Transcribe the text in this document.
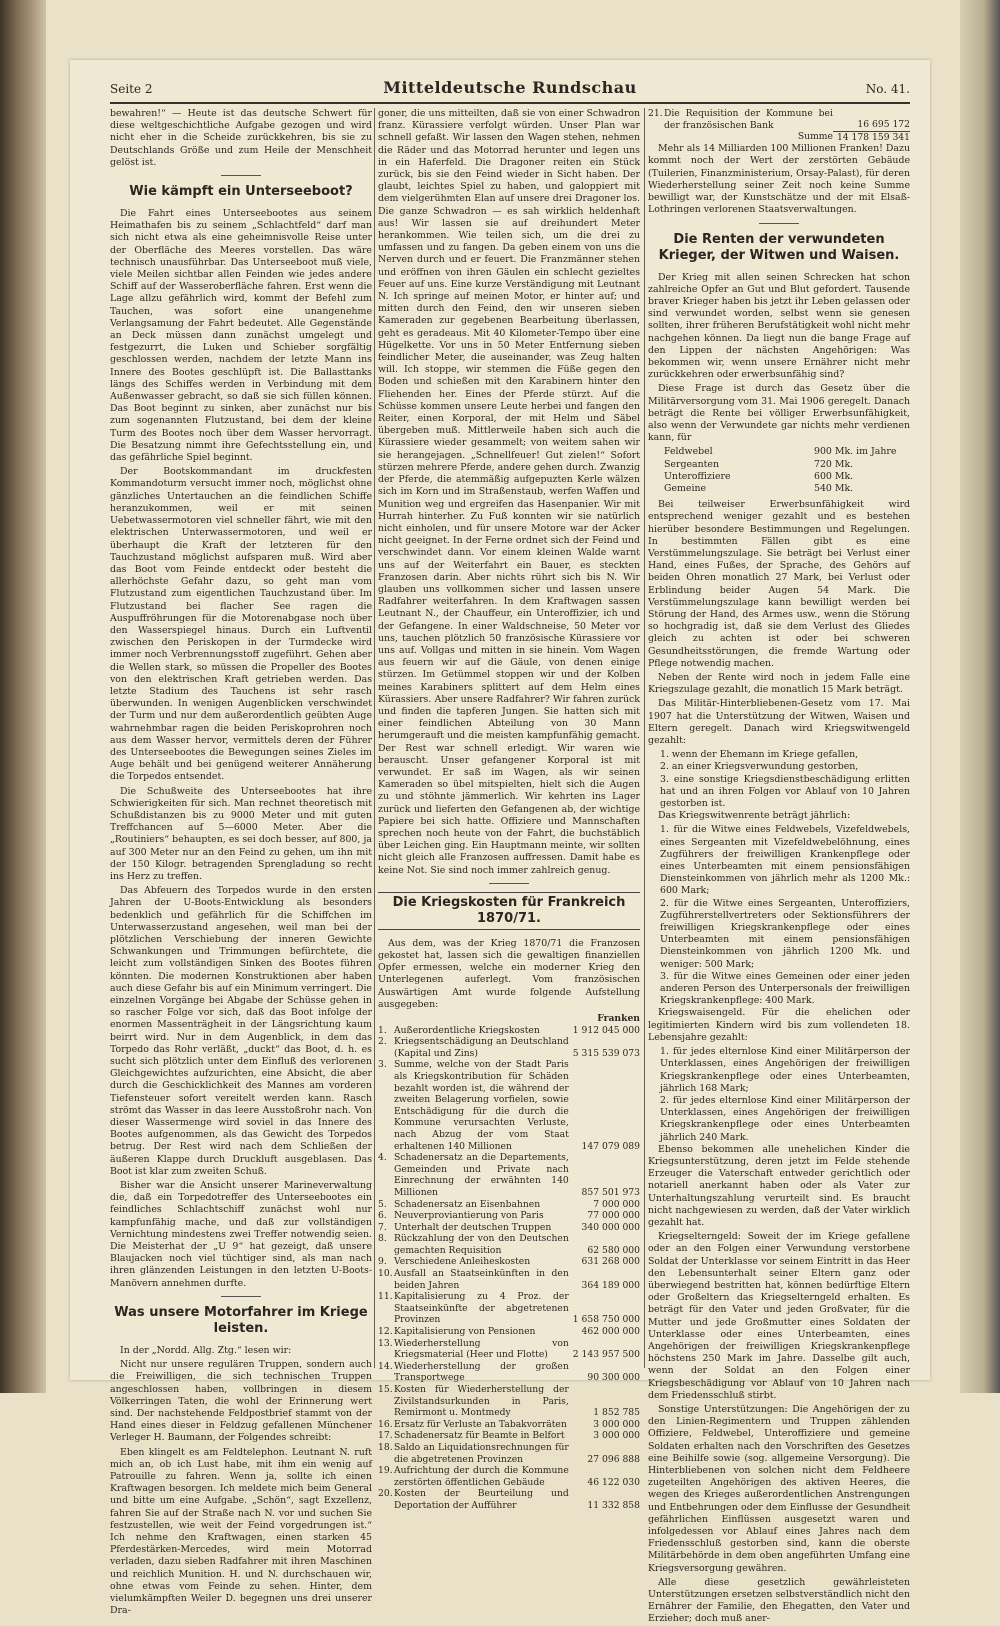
Seite 2	Mitteldeutsche Rundschau	No. 41.

bewahren!“ — Heute ist das deutsche Schwert für diese weltgeschichtliche Aufgabe gezogen und wird nicht eher in die Scheide zurückkehren, bis sie zu Deutschlands Größe und zum Heile der Menschheit gelöst ist.

Wie kämpft ein Unterseeboot?

Die Fahrt eines Unterseebootes aus seinem Heimathafen bis zu seinem „Schlachtfeld“ darf man sich nicht etwa als eine geheimnisvolle Reise unter der Oberfläche des Meeres vorstellen. Das wäre technisch unausführbar. Das Unterseeboot muß viele, viele Meilen sichtbar allen Feinden wie jedes andere Schiff auf der Wasseroberfläche fahren. Erst wenn die Lage allzu gefährlich wird, kommt der Befehl zum Tauchen, was sofort eine unangenehme Verlangsamung der Fahrt bedeutet. Alle Gegenstände an Deck müssen dann zunächst umgelegt und festgezurrt, die Luken und Schieber sorgfältig geschlossen werden, nachdem der letzte Mann ins Innere des Bootes geschlüpft ist. Die Ballasttanks längs des Schiffes werden in Verbindung mit dem Außenwasser gebracht, so daß sie sich füllen können. Das Boot beginnt zu sinken, aber zunächst nur bis zum sogenannten Flutzustand, bei dem der kleine Turm des Bootes noch über dem Wasser hervorragt. Die Besatzung nimmt ihre Gefechtsstellung ein, und das gefährliche Spiel beginnt.

Der Bootskommandant im druckfesten Kommandoturm versucht immer noch, möglichst ohne gänzliches Untertauchen an die feindlichen Schiffe heranzukommen, weil er mit seinen Uebetwassermotoren viel schneller fährt, wie mit den elektrischen Unterwassermotoren, und weil er überhaupt die Kraft der letzteren für den Tauchzustand möglichst aufsparen muß. Wird aber das Boot vom Feinde entdeckt oder besteht die allerhöchste Gefahr dazu, so geht man vom Flutzustand zum eigentlichen Tauchzustand über. Im Flutzustand bei flacher See ragen die Auspuffröhrungen für die Motorenabgase noch über den Wasserspiegel hinaus. Durch ein Luftventil zwischen den Periskopen in der Turmdecke wird immer noch Verbrennungsstoff zugeführt. Gehen aber die Wellen stark, so müssen die Propeller des Bootes von den elektrischen Kraft getrieben werden. Das letzte Stadium des Tauchens ist sehr rasch überwunden. In wenigen Augenblicken verschwindet der Turm und nur dem außerordentlich geübten Auge wahrnehmbar ragen die beiden Periskoprohren noch aus dem Wasser hervor, vermittels deren der Führer des Unterseebootes die Bewegungen seines Zieles im Auge behält und bei genügend weiterer Annäherung die Torpedos entsendet.

Die Schußweite des Unterseebootes hat ihre Schwierigkeiten für sich. Man rechnet theoretisch mit Schußdistanzen bis zu 9000 Meter und mit guten Treffchancen auf 5—6000 Meter. Aber die „Routiniers“ behaupten, es sei doch besser, auf 800, ja auf 300 Meter nur an den Feind zu gehen, um ihn mit der 150 Kilogr. betragenden Sprengladung so recht ins Herz zu treffen.

Das Abfeuern des Torpedos wurde in den ersten Jahren der U-Boots-Entwicklung als besonders bedenklich und gefährlich für die Schiffchen im Unterwasserzustand angesehen, weil man bei der plötzlichen Verschiebung der inneren Gewichte Schwankungen und Trimmungen befürchtete, die leicht zum vollständigen Sinken des Bootes führen könnten. Die modernen Konstruktionen aber haben auch diese Gefahr bis auf ein Minimum verringert. Die einzelnen Vorgänge bei Abgabe der Schüsse gehen in so rascher Folge vor sich, daß das Boot infolge der enormen Massenträgheit in der Längsrichtung kaum beirrt wird. Nur in dem Augenblick, in dem das Torpedo das Rohr verläßt, „duckt“ das Boot, d. h. es sucht sich plötzlich unter dem Einfluß des verlorenen Gleichgewichtes aufzurichten, eine Absicht, die aber durch die Geschicklichkeit des Mannes am vorderen Tiefensteuer sofort vereitelt werden kann. Rasch strömt das Wasser in das leere Ausstoßrohr nach. Von dieser Wassermenge wird soviel in das Innere des Bootes aufgenommen, als das Gewicht des Torpedos betrug. Der Rest wird nach dem Schließen der äußeren Klappe durch Druckluft ausgeblasen. Das Boot ist klar zum zweiten Schuß.

Bisher war die Ansicht unserer Marineverwaltung die, daß ein Torpedotreffer des Unterseebootes ein feindliches Schlachtschiff zunächst wohl nur kampfunfähig mache, und daß zur vollständigen Vernichtung mindestens zwei Treffer notwendig seien. Die Meisterhat der „U 9“ hat gezeigt, daß unsere Blaujacken noch viel tüchtiger sind, als man nach ihren glänzenden Leistungen in den letzten U-Boots-Manövern annehmen durfte.

Was unsere Motorfahrer im Kriege leisten.

In der „Nordd. Allg. Ztg.“ lesen wir:

Nicht nur unsere regulären Truppen, sondern auch die Freiwilligen, die sich technischen Truppen angeschlossen haben, vollbringen in diesem Völkerringen Taten, die wohl der Erinnerung wert sind. Der nachstehende Feldpostbrief stammt von der Hand eines dieser in Feldzug gefallenen Münchener Verleger H. Baumann, der Folgendes schreibt:

Eben klingelt es am Feldtelephon. Leutnant N. ruft mich an, ob ich Lust habe, mit ihm ein wenig auf Patrouille zu fahren. Wenn ja, sollte ich einen Kraftwagen besorgen. Ich meldete mich beim General und bitte um eine Aufgabe. „Schön“, sagt Exzellenz, fahren Sie auf der Straße nach N. vor und suchen Sie festzustellen, wie weit der Feind vorgedrungen ist.“ Ich nehme den Kraftwagen, einen starken 45 Pferdestärken-Mercedes, wird mein Motorrad verladen, dazu sieben Radfahrer mit ihren Maschinen und reichlich Munition. H. und N. durchschauen wir, ohne etwas vom Feinde zu sehen. Hinter, dem vielumkämpften Weiler D. begegnen uns drei unserer Dra-

goner, die uns mitteilten, daß sie von einer Schwadron franz. Kürassiere verfolgt würden. Unser Plan war schnell gefaßt. Wir lassen den Wagen stehen, nehmen die Räder und das Motorrad herunter und legen uns in ein Haferfeld. Die Dragoner reiten ein Stück zurück, bis sie den Feind wieder in Sicht haben. Der glaubt, leichtes Spiel zu haben, und galoppiert mit dem vielgerühmten Elan auf unsere drei Dragoner los. Die ganze Schwadron — es sah wirklich heldenhaft aus! Wir lassen sie auf dreihundert Meter herankommen. Wie teilen sich, um die drei zu umfassen und zu fangen. Da geben einem von uns die Nerven durch und er feuert. Die Franzmänner stehen und eröffnen von ihren Gäulen ein schlecht gezieltes Feuer auf uns. Eine kurze Verständigung mit Leutnant N. Ich springe auf meinen Motor, er hinter auf; und mitten durch den Feind, den wir unseren sieben Kameraden zur gegebenen Bearbeitung überlassen, geht es geradeaus. Mit 40 Kilometer-Tempo über eine Hügelkette. Vor uns in 50 Meter Entfernung sieben feindlicher Meter, die auseinander, was Zeug halten will. Ich stoppe, wir stemmen die Füße gegen den Boden und schießen mit den Karabinern hinter den Fliehenden her. Eines der Pferde stürzt. Auf die Schüsse kommen unsere Leute herbei und fangen den Reiter, einen Korporal, der mit Helm und Säbel übergeben muß. Mittlerweile haben sich auch die Kürassiere wieder gesammelt; von weitem sahen wir sie herangejagen. „Schnellfeuer! Gut zielen!“ Sofort stürzen mehrere Pferde, andere gehen durch. Zwanzig der Pferde, die atemmäßig aufgepuzten Kerle wälzen sich im Korn und im Straßenstaub, werfen Waffen und Munition weg und ergreifen das Hasenpanier. Wir mit Hurrah hinterher. Zu Fuß konnten wir sie natürlich nicht einholen, und für unsere Motore war der Acker nicht geeignet. In der Ferne ordnet sich der Feind und verschwindet dann. Vor einem kleinen Walde warnt uns auf der Weiterfahrt ein Bauer, es steckten Franzosen darin. Aber nichts rührt sich bis N. Wir glauben uns vollkommen sicher und lassen unsere Radfahrer weiterfahren. In dem Kraftwagen sassen Leutnant N., der Chauffeur, ein Unteroffizier, ich und der Gefangene. In einer Waldschneise, 50 Meter vor uns, tauchen plötzlich 50 französische Kürassiere vor uns auf. Vollgas und mitten in sie hinein. Vom Wagen aus feuern wir auf die Gäule, von denen einige stürzen. Im Getümmel stoppen wir und der Kolben meines Karabiners splittert auf dem Helm eines Kürassiers. Aber unsere Radfahrer? Wir fahren zurück und finden die tapferen Jungen. Sie hatten sich mit einer feindlichen Abteilung von 30 Mann herumgerauft und die meisten kampfunfähig gemacht. Der Rest war schnell erledigt. Wir waren wie berauscht. Unser gefangener Korporal ist mit verwundet. Er saß im Wagen, als wir seinen Kameraden so übel mitspielten, hielt sich die Augen zu und stöhnte jämmerlich. Wir kehrten ins Lager zurück und lieferten den Gefangenen ab, der wichtige Papiere bei sich hatte. Offiziere und Mannschaften sprechen noch heute von der Fahrt, die buchstäblich über Leichen ging. Ein Hauptmann meinte, wir sollten nicht gleich alle Franzosen auffressen. Damit habe es keine Not. Sie sind noch immer zahlreich genug.

Die Kriegskosten für Frankreich 1870/71.

Aus dem, was der Krieg 1870/71 die Franzosen gekostet hat, lassen sich die gewaltigen finanziellen Opfer ermessen, welche ein moderner Krieg den Unterlegenen auferlegt. Vom französischen Auswärtigen Amt wurde folgende Aufstellung ausgegeben:

		Franken
1.	Außerordentliche Kriegskosten	1 912 045 000
2.	Kriegsentschädigung an Deutschland (Kapital und Zins)	5 315 539 073
3.	Summe, welche von der Stadt Paris als Kriegskontribution für Schäden bezahlt worden ist, die während der zweiten Belagerung vorfielen, sowie Entschädigung für die durch die Kommune verursachten Verluste, nach Abzug der vom Staat erhaltenen 140 Millionen	147 079 089
4.	Schadenersatz an die Departements, Gemeinden und Private nach Einrechnung der erwähnten 140 Millionen	857 501 973
5.	Schadenersatz an Eisenbahnen	7 000 000
6.	Neuverproviantierung von Paris	77 000 000
7.	Unterhalt der deutschen Truppen	340 000 000
8.	Rückzahlung der von den Deutschen gemachten Requisition	62 580 000
9.	Verschiedene Anleiheskosten	631 268 000
10.	Ausfall an Staatseinkünften in den beiden Jahren	364 189 000
11.	Kapitalisierung zu 4 Proz. der Staatseinkünfte der abgetretenen Provinzen	1 658 750 000
12.	Kapitalisierung von Pensionen	462 000 000
13.	Wiederherstellung von Kriegsmaterial (Heer und Flotte)	2 143 957 500
14.	Wiederherstellung der großen Transportwege	90 300 000
15.	Kosten für Wiederherstellung der Zivilstandsurkunden in Paris, Remirmont u. Montmedy	1 852 785
16.	Ersatz für Verluste an Tabakvorräten	3 000 000
17.	Schadenersatz für Beamte in Belfort	3 000 000
18.	Saldo an Liquidationsrechnungen für die abgetretenen Provinzen	27 096 888
19.	Aufrichtung der durch die Kommune zerstörten öffentlichen Gebäude	46 122 030
20.	Kosten der Beurteilung und Deportation der Aufführer	11 332 858
21.	Die Requisition der Kommune bei der französischen Bank	16 695 172
	Summe	14 178 159 341

Mehr als 14 Milliarden 100 Millionen Franken! Dazu kommt noch der Wert der zerstörten Gebäude (Tuilerien, Finanzministerium, Orsay-Palast), für deren Wiederherstellung seiner Zeit noch keine Summe bewilligt war, der Kunstschätze und der mit Elsaß-Lothringen verlorenen Staatsverwaltungen.

Die Renten der verwundeten Krieger, der Witwen und Waisen.

Der Krieg mit allen seinen Schrecken hat schon zahlreiche Opfer an Gut und Blut gefordert. Tausende braver Krieger haben bis jetzt ihr Leben gelassen oder sind verwundet worden, selbst wenn sie genesen sollten, ihrer früheren Berufstätigkeit wohl nicht mehr nachgehen können. Da liegt nun die bange Frage auf den Lippen der nächsten Angehörigen: Was bekommen wir, wenn unsere Ernährer nicht mehr zurückkehren oder erwerbsunfähig sind?

Diese Frage ist durch das Gesetz über die Militärversorgung vom 31. Mai 1906 geregelt. Danach beträgt die Rente bei völliger Erwerbsunfähigkeit, also wenn der Verwundete gar nichts mehr verdienen kann, für

Feldwebel	900 Mk. im Jahre
Sergeanten	720 Mk.
Unteroffiziere	600 Mk.
Gemeine	540 Mk.

Bei teilweiser Erwerbsunfähigkeit wird entsprechend weniger gezahlt und es bestehen hierüber besondere Bestimmungen und Regelungen. In bestimmten Fällen gibt es eine Verstümmelungszulage. Sie beträgt bei Verlust einer Hand, eines Fußes, der Sprache, des Gehörs auf beiden Ohren monatlich 27 Mark, bei Verlust oder Erblindung beider Augen 54 Mark. Die Verstümmelungszulage kann bewilligt werden bei Störung der Hand, des Armes usw., wenn die Störung so hochgradig ist, daß sie dem Verlust des Gliedes gleich zu achten ist oder bei schweren Gesundheitsstörungen, die fremde Wartung oder Pflege notwendig machen.

Neben der Rente wird noch in jedem Falle eine Kriegszulage gezahlt, die monatlich 15 Mark beträgt.

Das Militär-Hinterbliebenen-Gesetz vom 17. Mai 1907 hat die Unterstützung der Witwen, Waisen und Eltern geregelt. Danach wird Kriegswitwengeld gezahlt:

1. wenn der Ehemann im Kriege gefallen,
2. an einer Kriegsverwundung gestorben,
3. eine sonstige Kriegsdienstbeschädigung erlitten hat und an ihren Folgen vor Ablauf von 10 Jahren gestorben ist.

Das Kriegswitwenrente beträgt jährlich:

1. für die Witwe eines Feldwebels, Vizefeldwebels, eines Sergeanten mit Vizefeldwebelöhnung, eines Zugführers der freiwilligen Krankenpflege oder eines Unterbeamten mit einem pensionsfähigen Diensteinkommen von jährlich mehr als 1200 Mk.: 600 Mark;
2. für die Witwe eines Sergeanten, Unteroffiziers, Zugführerstellvertreters oder Sektionsführers der freiwilligen Kriegskrankenpflege oder eines Unterbeamten mit einem pensionsfähigen Diensteinkommen von jährlich 1200 Mk. und weniger: 500 Mark;
3. für die Witwe eines Gemeinen oder einer jeden anderen Person des Unterpersonals der freiwilligen Kriegskrankenpflege: 400 Mark.

Kriegswaisengeld. Für die ehelichen oder legitimierten Kindern wird bis zum vollendeten 18. Lebensjahre gezahlt:

1. für jedes elternlose Kind einer Militärperson der Unterklassen, eines Angehörigen der freiwilligen Kriegskrankenpflege oder eines Unterbeamten, jährlich 168 Mark;
2. für jedes elternlose Kind einer Militärperson der Unterklassen, eines Angehörigen der freiwilligen Kriegskrankenpflege oder eines Unterbeamten jährlich 240 Mark.

Ebenso bekommen alle unehelichen Kinder die Kriegsunterstützung, deren jetzt im Felde stehende Erzeuger die Vaterschaft entweder gerichtlich oder notariell anerkannt haben oder als Vater zur Unterhaltungszahlung verurteilt sind. Es braucht nicht nachgewiesen zu werden, daß der Vater wirklich gezahlt hat.

Kriegselterngeld: Soweit der im Kriege gefallene oder an den Folgen einer Verwundung verstorbene Soldat der Unterklasse vor seinem Eintritt in das Heer den Lebensunterhalt seiner Eltern ganz oder überwiegend bestritten hat, können bedürftige Eltern oder Großeltern das Kriegselterngeld erhalten. Es beträgt für den Vater und jeden Großvater, für die Mutter und jede Großmutter eines Soldaten der Unterklasse oder eines Unterbeamten, eines Angehörigen der freiwilligen Kriegskrankenpflege höchstens 250 Mark im Jahre. Dasselbe gilt auch, wenn der Soldat an den Folgen einer Kriegsbeschädigung vor Ablauf von 10 Jahren nach dem Friedensschluß stirbt.

Sonstige Unterstützungen: Die Angehörigen der zu den Linien-Regimentern und Truppen zählenden Offiziere, Feldwebel, Unteroffiziere und gemeine Soldaten erhalten nach den Vorschriften des Gesetzes eine Beihilfe sowie (sog. allgemeine Versorgung). Die Hinterbliebenen von solchen nicht dem Feldheere zugeteilten Angehörigen des aktiven Heeres, die wegen des Krieges außerordentlichen Anstrengungen und Entbehrungen oder dem Einflusse der Gesundheit gefährlichen Einflüssen ausgesetzt waren und infolgedessen vor Ablauf eines Jahres nach dem Friedensschluß gestorben sind, kann die oberste Militärbehörde in dem oben angeführten Umfang eine Kriegsversorgung gewähren.

Alle diese gesetzlich gewährleisteten Unterstützungen ersetzen selbstverständlich nicht den Ernährer der Familie, den Ehegatten, den Vater und Erzieher; doch muß aner-
